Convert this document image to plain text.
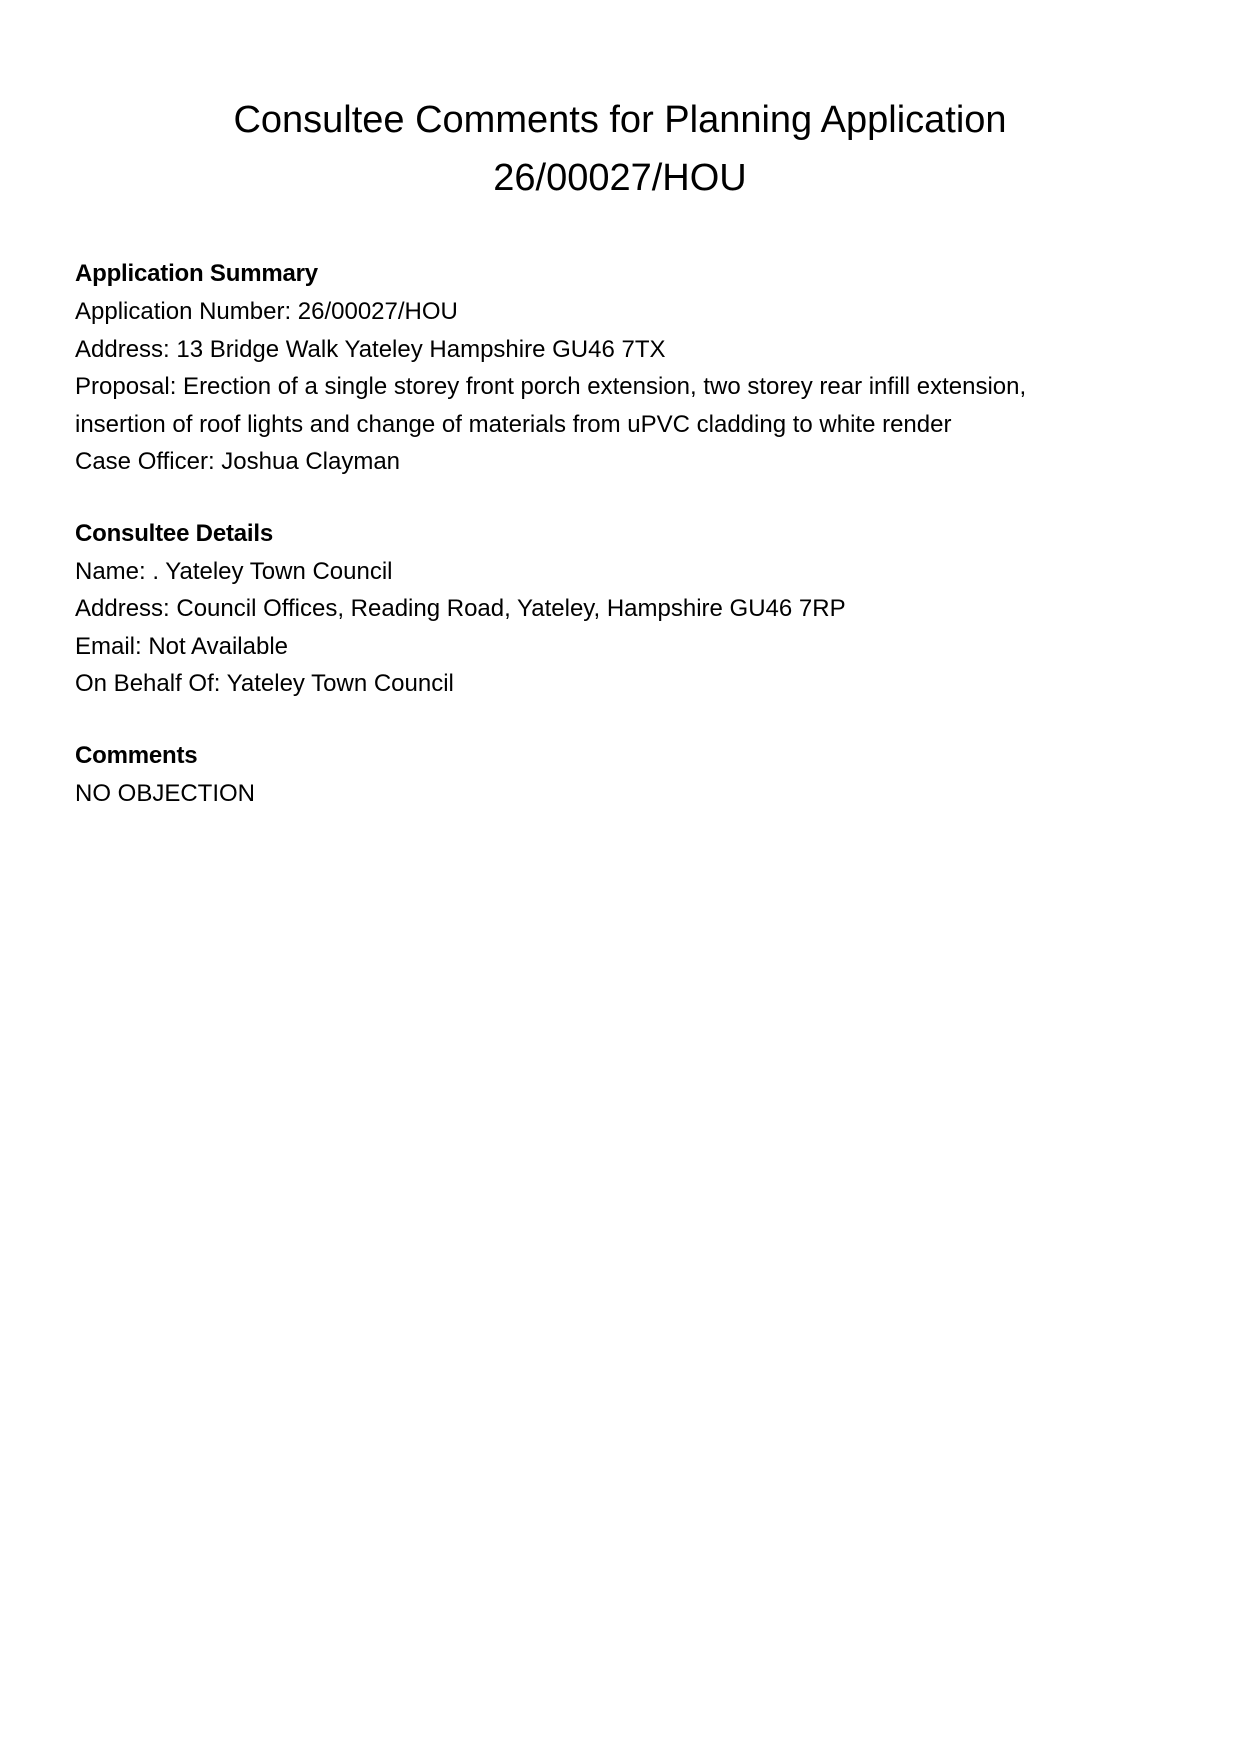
Consultee Comments for Planning Application
26/00027/HOU
Application Summary

Application Number: 26/00027/HOU

Address: 13 Bridge Walk Yateley Hampshire GU46 7TX

Proposal: Erection of a single storey front porch extension, two storey rear infill extension,

insertion of roof lights and change of materials from uPVC cladding to white render

Case Officer: Joshua Clayman

Consultee Details

Name: . Yateley Town Council

Address: Council Offices, Reading Road, Yateley, Hampshire GU46 7RP

Email: Not Available

On Behalf Of: Yateley Town Council

Comments

NO OBJECTION
